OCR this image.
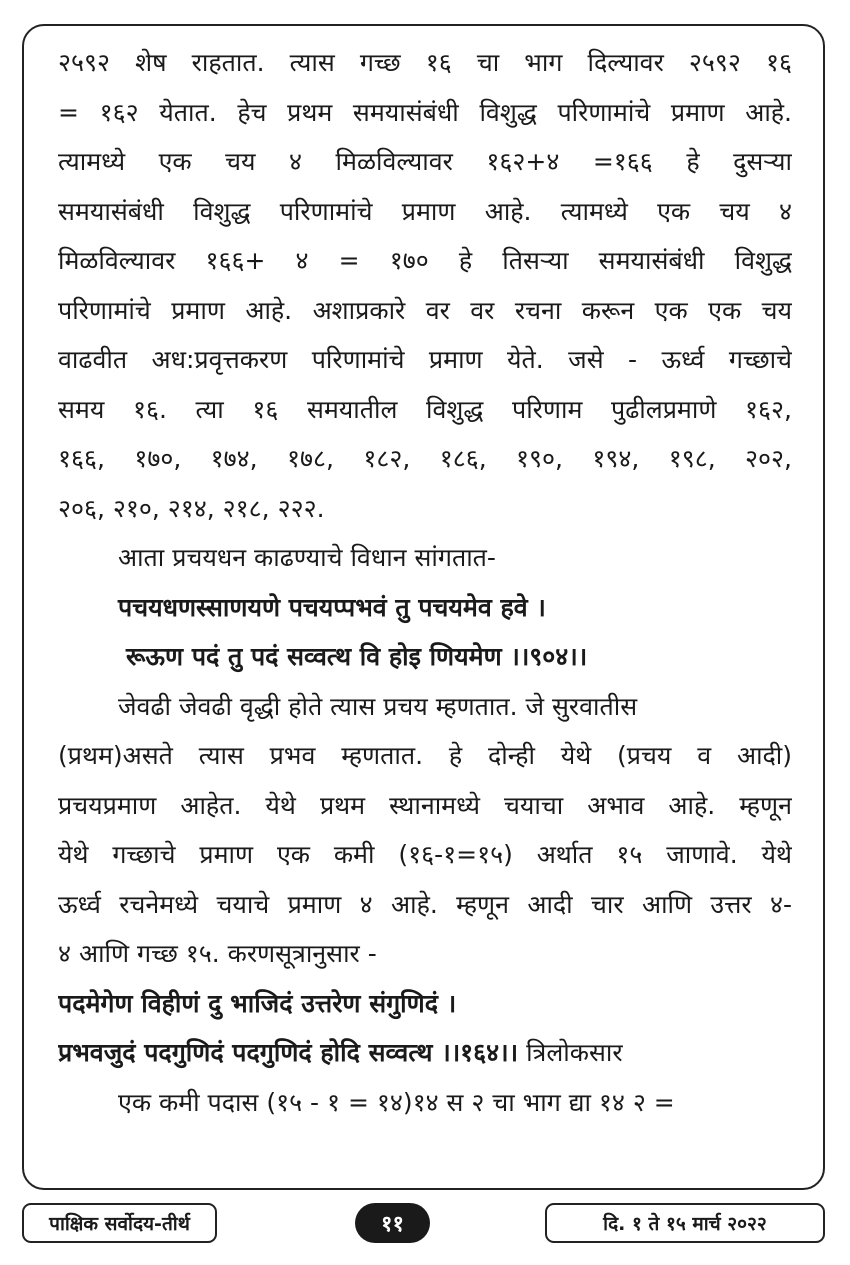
२५९२ शेष राहतात. त्यास गच्छ १६ चा भाग दिल्यावर २५९२ १६
= १६२ येतात. हेच प्रथम समयासंबंधी विशुद्ध परिणामांचे प्रमाण आहे.
त्यामध्ये एक चय ४ मिळविल्यावर १६२+४ =१६६ हे दुसऱ्या
समयासंबंधी विशुद्ध परिणामांचे प्रमाण आहे. त्यामध्ये एक चय ४
मिळविल्यावर १६६+ ४ = १७० हे तिसऱ्या समयासंबंधी विशुद्ध
परिणामांचे प्रमाण आहे. अशाप्रकारे वर वर रचना करून एक एक चय
वाढवीत अध:प्रवृत्तकरण परिणामांचे प्रमाण येते. जसे - ऊर्ध्व गच्छाचे
समय १६. त्या १६ समयातील विशुद्ध परिणाम पुढीलप्रमाणे १६२,
१६६, १७०, १७४, १७८, १८२, १८६, १९०, १९४, १९८, २०२,
२०६, २१०, २१४, २१८, २२२.
आता प्रचयधन काढण्याचे विधान सांगतात-
पचयधणस्साणयणे पचयप्पभवं तु पचयमेव हवे ।
रूऊण पदं तु पदं सव्वत्थ वि होइ णियमेण ।।९०४।।
जेवढी जेवढी वृद्धी होते त्यास प्रचय म्हणतात. जे सुरवातीस
(प्रथम)असते त्यास प्रभव म्हणतात. हे दोन्ही येथे (प्रचय व आदी)
प्रचयप्रमाण आहेत. येथे प्रथम स्थानामध्ये चयाचा अभाव आहे. म्हणून
येथे गच्छाचे प्रमाण एक कमी (१६-१=१५) अर्थात १५ जाणावे. येथे
ऊर्ध्व रचनेमध्ये चयाचे प्रमाण ४ आहे. म्हणून आदी चार आणि उत्तर ४-
४ आणि गच्छ १५. करणसूत्रानुसार -
पदमेगेण विहीणं दु भाजिदं उत्तरेण संगुणिदं ।
प्रभवजुदं पदगुणिदं पदगुणिदं होदि सव्वत्थ ।।१६४।। त्रिलोकसार
एक कमी पदास (१५ - १ = १४)१४ स २ चा भाग द्या १४ २ =
पाक्षिक सर्वोदय-तीर्थ	११	दि. १ ते १५ मार्च २०२२
